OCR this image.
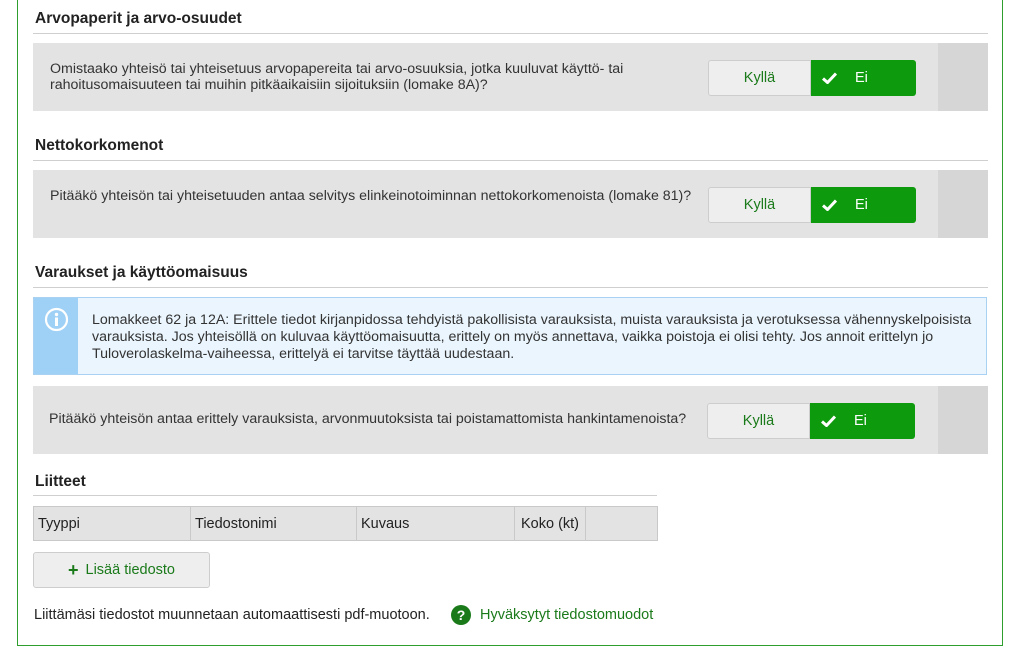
Arvopaperit ja arvo-osuudet
Omistaako yhteisö tai yhteisetuus arvopapereita tai arvo-osuuksia, jotka kuuluvat käyttö- tai rahoitusomaisuuteen tai muihin pitkäaikaisiin sijoituksiin (lomake 8A)?	Kyllä	Ei
Nettokorkomenot
Pitääkö yhteisön tai yhteisetuuden antaa selvitys elinkeinotoiminnan nettokorkomenoista (lomake 81)?
Kyllä	Ei
Varaukset ja käyttöomaisuus
Lomakkeet 62 ja 12A: Erittele tiedot kirjanpidossa tehdyistä pakollisista varauksista, muista varauksista ja verotuksessa vähennyskelpoisista varauksista. Jos yhteisöllä on kuluvaa käyttöomaisuutta, erittely on myös annettava, vaikka poistoja ei olisi tehty. Jos annoit erittelyn jo Tuloverolaskelma-vaiheessa, erittelyä ei tarvitse täyttää uudestaan.
Pitääkö yhteisön antaa erittely varauksista, arvonmuutoksista tai poistamattomista hankintamenoista?	Kyllä	Ei
Liitteet
Tyyppi	Tiedostonimi	Kuvaus	Koko (kt)	
+ Lisää tiedosto
Liittämäsi tiedostot muunnetaan automaattisesti pdf-muotoon.	?	Hyväksytyt tiedostomuodot
